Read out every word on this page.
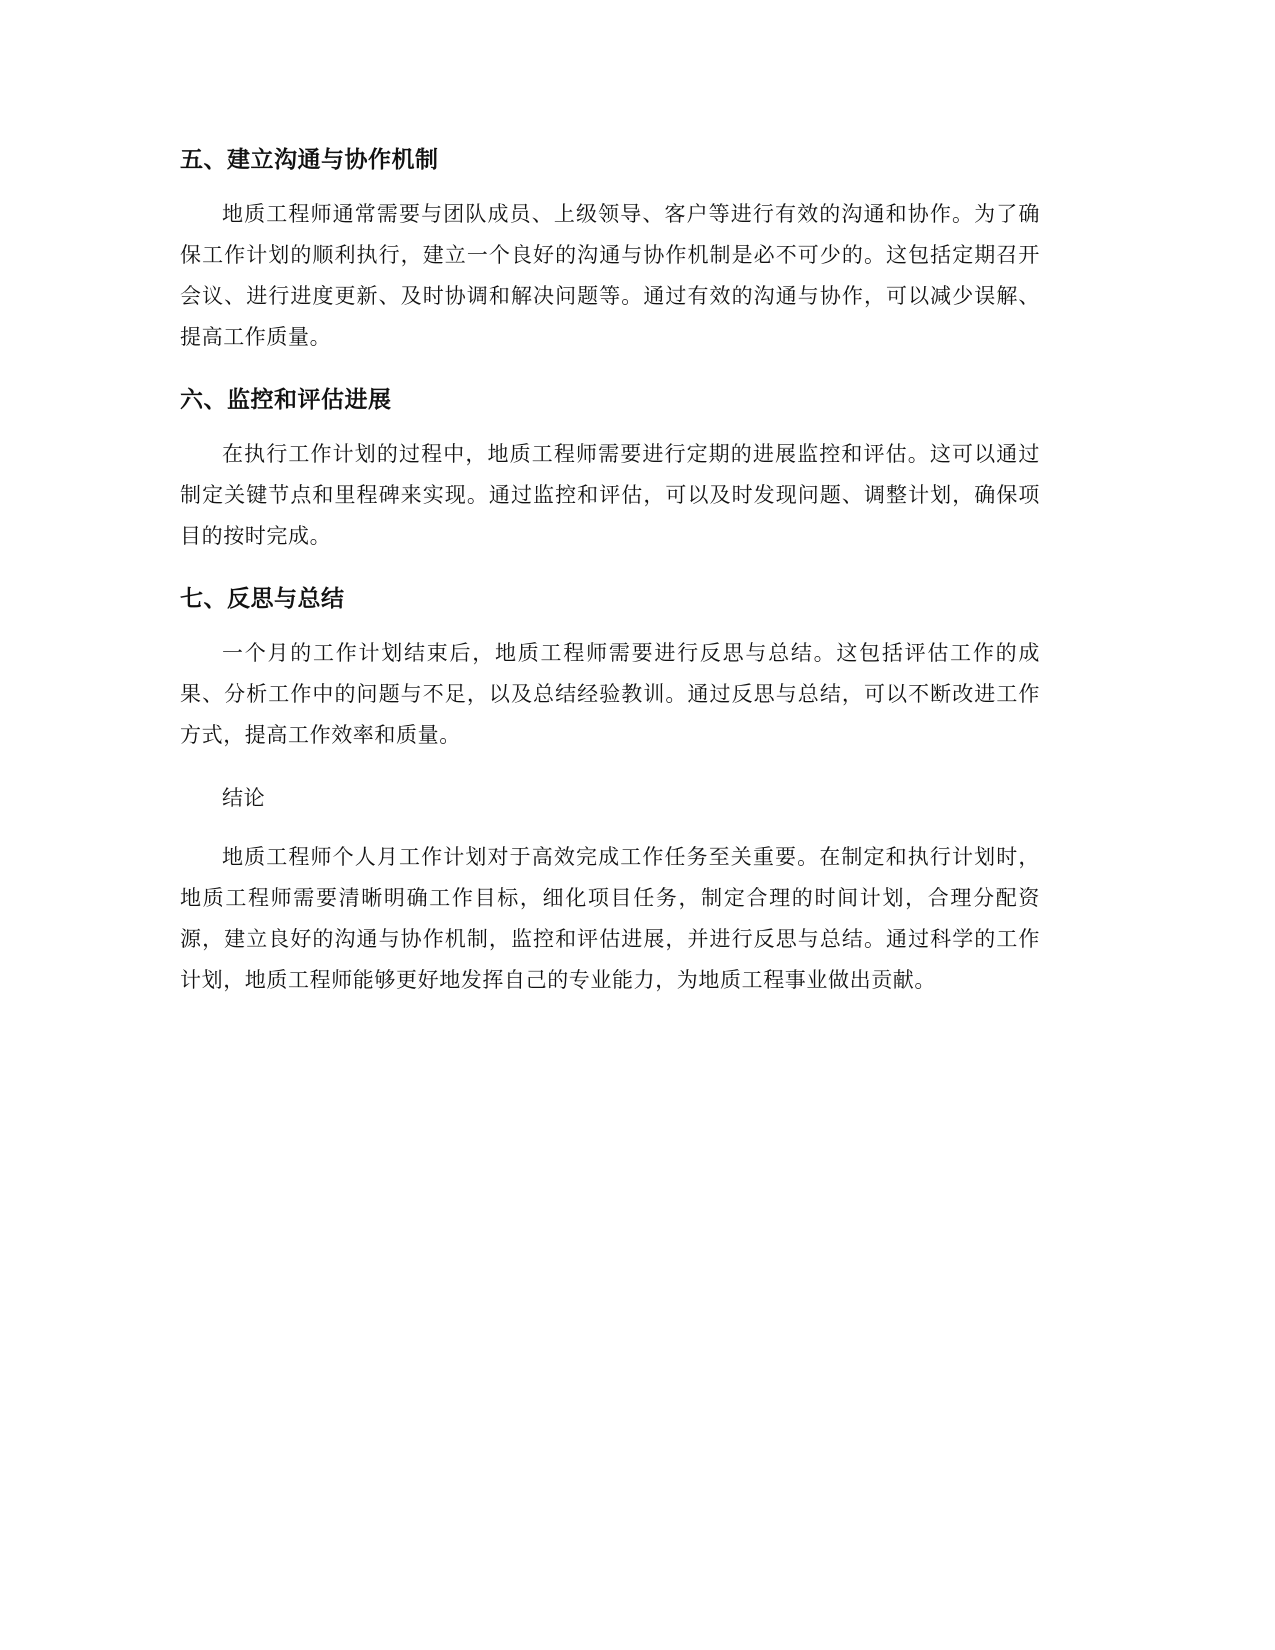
五、建立沟通与协作机制

地质工程师通常需要与团队成员、上级领导、客户等进行有效的沟通和协作。为了确保工作计划的顺利执行，建立一个良好的沟通与协作机制是必不可少的。这包括定期召开会议、进行进度更新、及时协调和解决问题等。通过有效的沟通与协作，可以减少误解、提高工作质量。

六、监控和评估进展

在执行工作计划的过程中，地质工程师需要进行定期的进展监控和评估。这可以通过制定关键节点和里程碑来实现。通过监控和评估，可以及时发现问题、调整计划，确保项目的按时完成。

七、反思与总结

一个月的工作计划结束后，地质工程师需要进行反思与总结。这包括评估工作的成果、分析工作中的问题与不足，以及总结经验教训。通过反思与总结，可以不断改进工作方式，提高工作效率和质量。

结论

地质工程师个人月工作计划对于高效完成工作任务至关重要。在制定和执行计划时，地质工程师需要清晰明确工作目标，细化项目任务，制定合理的时间计划，合理分配资源，建立良好的沟通与协作机制，监控和评估进展，并进行反思与总结。通过科学的工作计划，地质工程师能够更好地发挥自己的专业能力，为地质工程事业做出贡献。
